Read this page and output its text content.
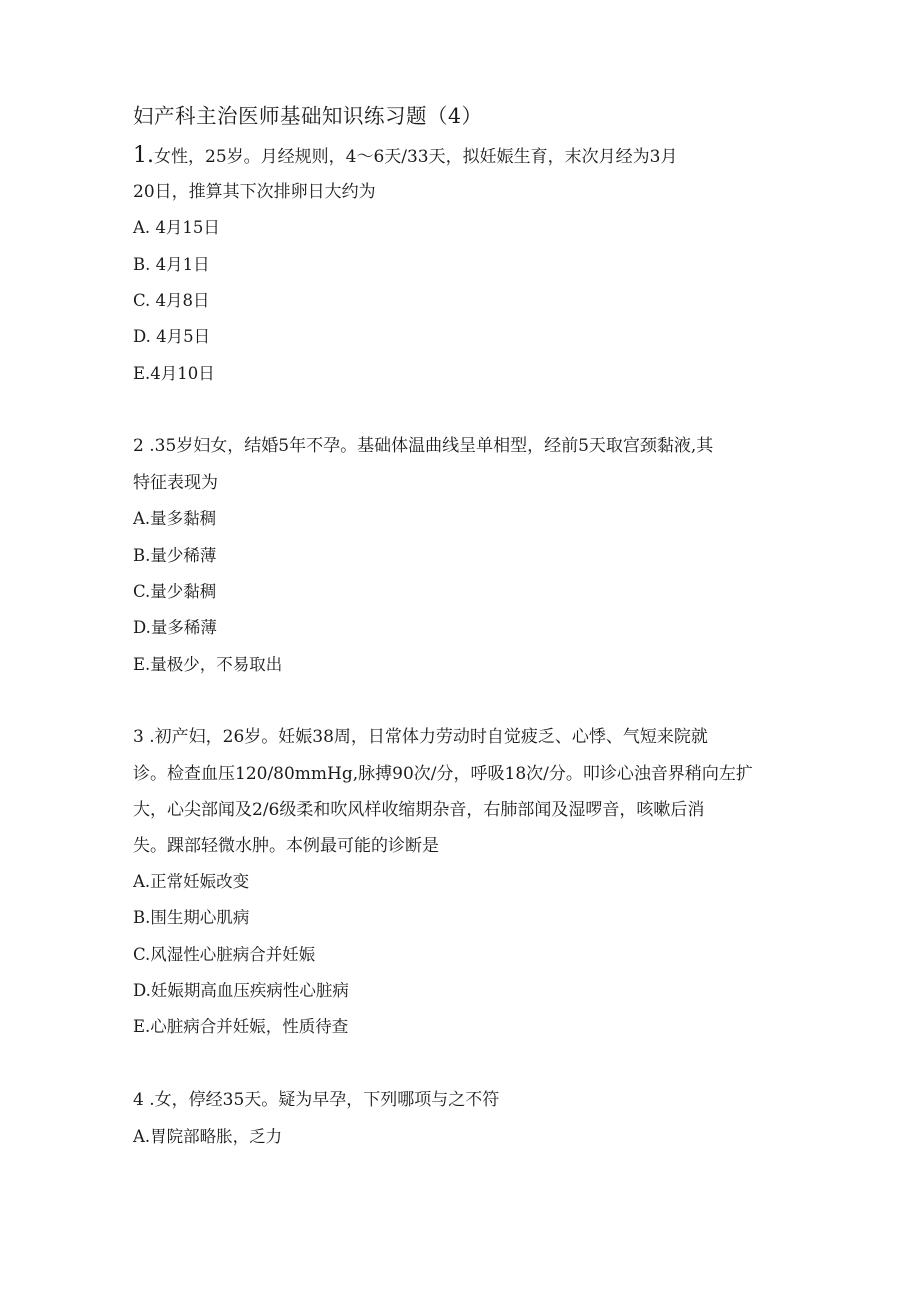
妇产科主治医师基础知识练习题（4）
1.女性，25岁。月经规则，4～6天/33天，拟妊娠生育，末次月经为3月
20日，推算其下次排卵日大约为
A. 4月15日
B. 4月1日
C. 4月8日
D. 4月5日
E.4月10日
2 .35岁妇女，结婚5年不孕。基础体温曲线呈单相型，经前5天取宫颈黏液,其
特征表现为
A.量多黏稠
B.量少稀薄
C.量少黏稠
D.量多稀薄
E.量极少，不易取出
3 .初产妇，26岁。妊娠38周，日常体力劳动时自觉疲乏、心悸、气短来院就
诊。检查血压120/80mmHg,脉搏90次/分，呼吸18次/分。叩诊心浊音界稍向左扩
大，心尖部闻及2/6级柔和吹风样收缩期杂音，右肺部闻及湿啰音，咳嗽后消
失。踝部轻微水肿。本例最可能的诊断是
A.正常妊娠改变
B.围生期心肌病
C.风湿性心脏病合并妊娠
D.妊娠期高血压疾病性心脏病
E.心脏病合并妊娠，性质待查
4 .女，停经35天。疑为早孕，下列哪项与之不符
A.胃院部略胀，乏力
